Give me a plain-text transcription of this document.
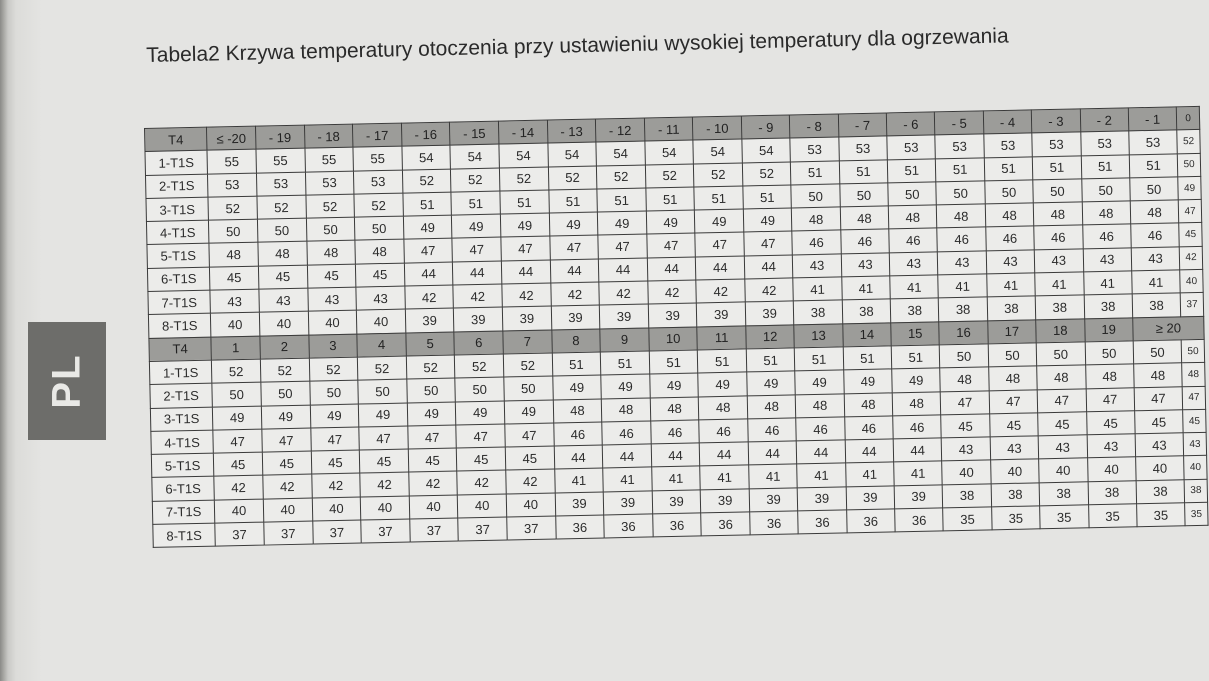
PL
Tabela2 Krzywa temperatury otoczenia przy ustawieniu wysokiej temperatury dla ogrzewania
T4	≤ -20	- 19	- 18	- 17	- 16	- 15	- 14	- 13	- 12	- 11	- 10	- 9	- 8	- 7	- 6	- 5	- 4	- 3	- 2	- 1	0
1-T1S	55	55	55	55	54	54	54	54	54	54	54	54	53	53	53	53	53	53	53	53	52
2-T1S	53	53	53	53	52	52	52	52	52	52	52	52	51	51	51	51	51	51	51	51	50
3-T1S	52	52	52	52	51	51	51	51	51	51	51	51	50	50	50	50	50	50	50	50	49
4-T1S	50	50	50	50	49	49	49	49	49	49	49	49	48	48	48	48	48	48	48	48	47
5-T1S	48	48	48	48	47	47	47	47	47	47	47	47	46	46	46	46	46	46	46	46	45
6-T1S	45	45	45	45	44	44	44	44	44	44	44	44	43	43	43	43	43	43	43	43	42
7-T1S	43	43	43	43	42	42	42	42	42	42	42	42	41	41	41	41	41	41	41	41	40
8-T1S	40	40	40	40	39	39	39	39	39	39	39	39	38	38	38	38	38	38	38	38	37
T4	1	2	3	4	5	6	7	8	9	10	11	12	13	14	15	16	17	18	19	≥ 20	
1-T1S	52	52	52	52	52	52	52	51	51	51	51	51	51	51	51	50	50	50	50	50	50
2-T1S	50	50	50	50	50	50	50	49	49	49	49	49	49	49	49	48	48	48	48	48	48
3-T1S	49	49	49	49	49	49	49	48	48	48	48	48	48	48	48	47	47	47	47	47	47
4-T1S	47	47	47	47	47	47	47	46	46	46	46	46	46	46	46	45	45	45	45	45	45
5-T1S	45	45	45	45	45	45	45	44	44	44	44	44	44	44	44	43	43	43	43	43	43
6-T1S	42	42	42	42	42	42	42	41	41	41	41	41	41	41	41	40	40	40	40	40	40
7-T1S	40	40	40	40	40	40	40	39	39	39	39	39	39	39	39	38	38	38	38	38	38
8-T1S	37	37	37	37	37	37	37	36	36	36	36	36	36	36	36	35	35	35	35	35	35
